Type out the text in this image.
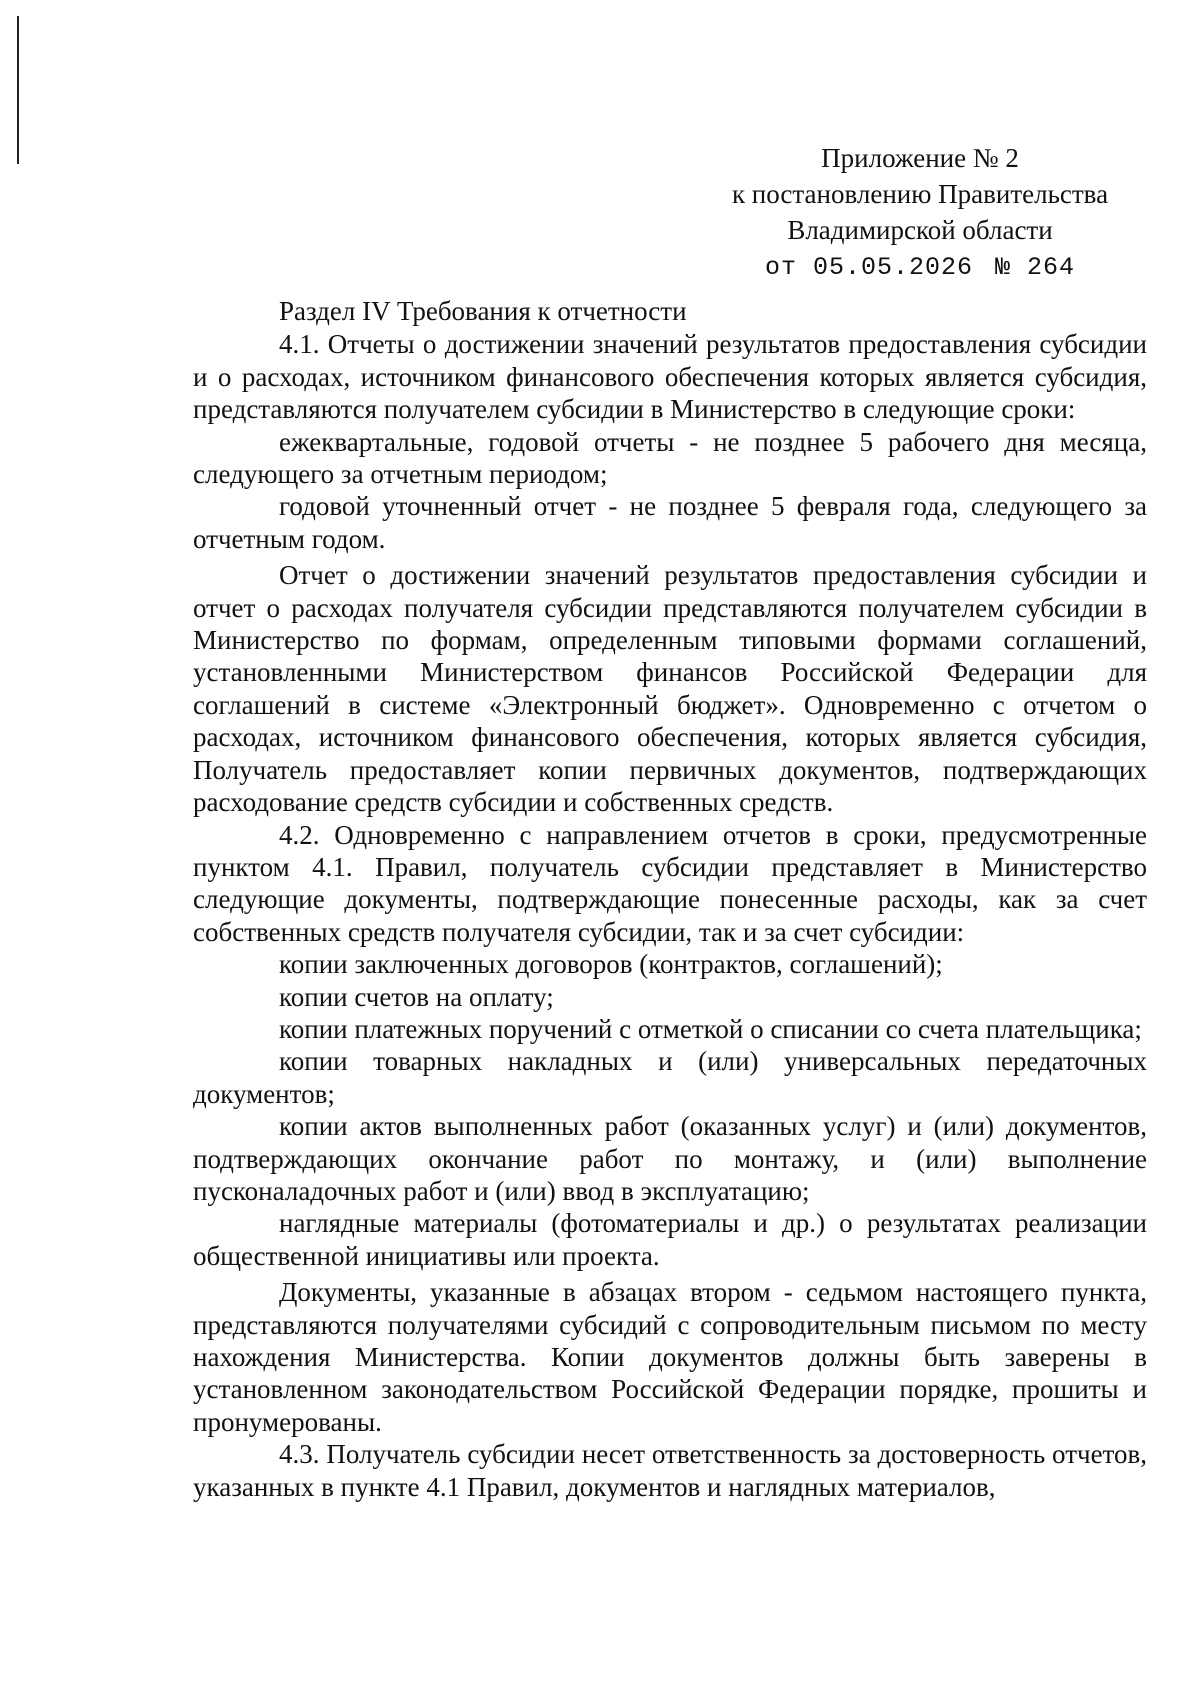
Приложение № 2
к постановлению Правительства
Владимирской области
от 05.05.2026 № 264

Раздел IV Требования к отчетности

4.1. Отчеты о достижении значений результатов предоставления субсидии и о расходах, источником финансового обеспечения которых является субсидия, представляются получателем субсидии в Министерство в следующие сроки:

ежеквартальные, годовой отчеты - не позднее 5 рабочего дня месяца, следующего за отчетным периодом;

годовой уточненный отчет - не позднее 5 февраля года, следующего за отчетным годом.

Отчет о достижении значений результатов предоставления субсидии и отчет о расходах получателя субсидии представляются получателем субсидии в Министерство по формам, определенным типовыми формами соглашений, установленными Министерством финансов Российской Федерации для соглашений в системе «Электронный бюджет». Одновременно с отчетом о расходах, источником финансового обеспечения, которых является субсидия, Получатель предоставляет копии первичных документов, подтверждающих расходование средств субсидии и собственных средств.

4.2. Одновременно с направлением отчетов в сроки, предусмотренные пунктом 4.1. Правил, получатель субсидии представляет в Министерство следующие документы, подтверждающие понесенные расходы, как за счет собственных средств получателя субсидии, так и за счет субсидии:

копии заключенных договоров (контрактов, соглашений);

копии счетов на оплату;

копии платежных поручений с отметкой о списании со счета плательщика;

копии товарных накладных и (или) универсальных передаточных документов;

копии актов выполненных работ (оказанных услуг) и (или) документов, подтверждающих окончание работ по монтажу, и (или) выполнение пусконаладочных работ и (или) ввод в эксплуатацию;

наглядные материалы (фотоматериалы и др.) о результатах реализации общественной инициативы или проекта.

Документы, указанные в абзацах втором - седьмом настоящего пункта, представляются получателями субсидий с сопроводительным письмом по месту нахождения Министерства. Копии документов должны быть заверены в установленном законодательством Российской Федерации порядке, прошиты и пронумерованы.

4.3. Получатель субсидии несет ответственность за достоверность отчетов, указанных в пункте 4.1 Правил, документов и наглядных материалов,
